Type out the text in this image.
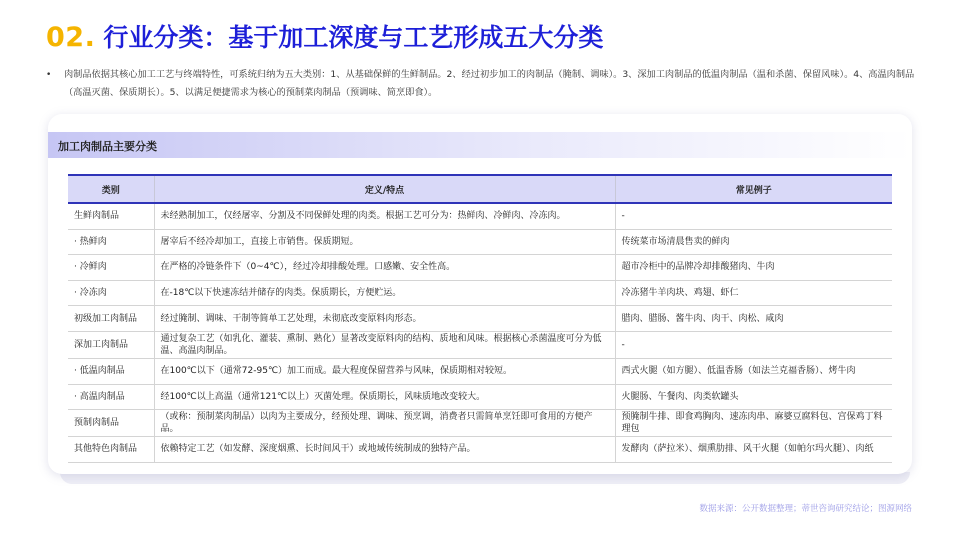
02. 行业分类：基于加工深度与工艺形成五大分类
•	肉制品依据其核心加工工艺与终端特性，可系统归纳为五大类别：1、从基础保鲜的生鲜制品。2、经过初步加工的肉制品（腌制、调味）。3、深加工肉制品的低温肉制品（温和杀菌、保留风味）。4、高温肉制品（高温灭菌、保质期长）。5、以满足便捷需求为核心的预制菜肉制品（预调味、简烹即食）。
加工肉制品主要分类
类别	定义/特点	常见例子
生鲜肉制品	未经熟制加工，仅经屠宰、分割及不同保鲜处理的肉类。根据工艺可分为：热鲜肉、冷鲜肉、冷冻肉。	-
· 热鲜肉	屠宰后不经冷却加工，直接上市销售。保质期短。	传统菜市场清晨售卖的鲜肉
· 冷鲜肉	在严格的冷链条件下（0~4℃），经过冷却排酸处理。口感嫩、安全性高。	超市冷柜中的品牌冷却排酸猪肉、牛肉
· 冷冻肉	在-18℃以下快速冻结并储存的肉类。保质期长，方便贮运。	冷冻猪牛羊肉块、鸡翅、虾仁
初级加工肉制品	经过腌制、调味、干制等简单工艺处理，未彻底改变原料肉形态。	腊肉、腊肠、酱牛肉、肉干、肉松、咸肉
深加工肉制品	通过复杂工艺（如乳化、灌装、熏制、熟化）显著改变原料肉的结构、质地和风味。根据核心杀菌温度可分为低温、高温肉制品。	-
· 低温肉制品	在100℃以下（通常72-95℃）加工而成。最大程度保留营养与风味，保质期相对较短。	西式火腿（如方腿）、低温香肠（如法兰克福香肠）、烤牛肉
· 高温肉制品	经100℃以上高温（通常121℃以上）灭菌处理。保质期长，风味质地改变较大。	火腿肠、午餐肉、肉类软罐头
预制肉制品	（或称：预制菜肉制品）以肉为主要成分，经预处理、调味、预烹调，消费者只需简单烹饪即可食用的方便产品。	预腌制牛排、即食鸡胸肉、速冻肉串、麻婆豆腐料包、宫保鸡丁料理包
其他特色肉制品	依赖特定工艺（如发酵、深度烟熏、长时间风干）或地域传统制成的独特产品。	发酵肉（萨拉米）、烟熏肋排、风干火腿（如帕尔玛火腿）、肉纸
数据来源：公开数据整理；蒂世咨询研究结论；图源网络
